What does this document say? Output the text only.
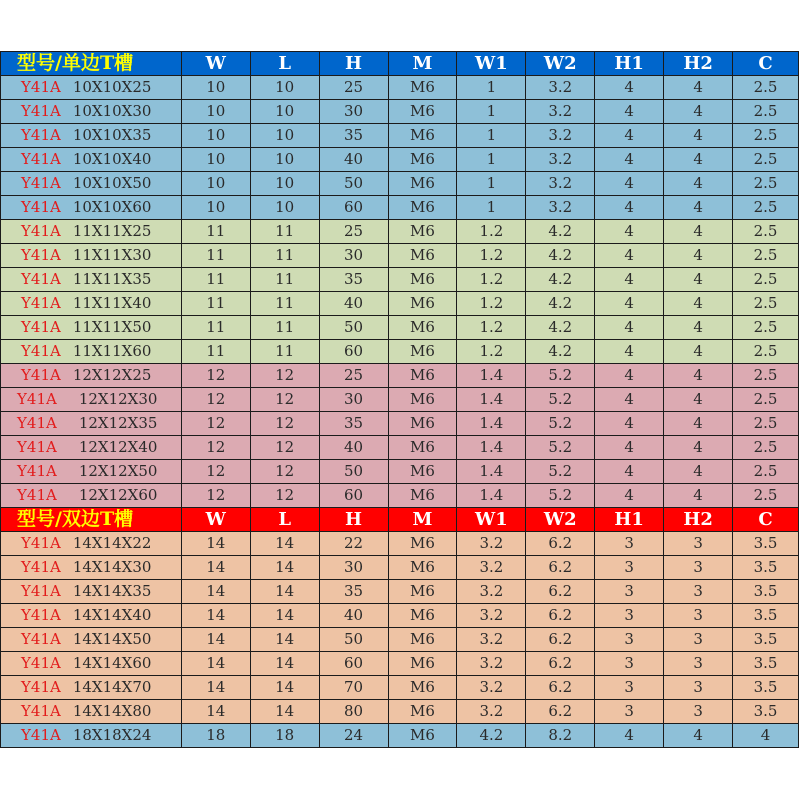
型号/单边T槽	W	L	H	M	W1	W2	H1	H2	C
Y41A 10X10X25	10	10	25	M6	1	3.2	4	4	2.5
Y41A 10X10X30	10	10	30	M6	1	3.2	4	4	2.5
Y41A 10X10X35	10	10	35	M6	1	3.2	4	4	2.5
Y41A 10X10X40	10	10	40	M6	1	3.2	4	4	2.5
Y41A 10X10X50	10	10	50	M6	1	3.2	4	4	2.5
Y41A 10X10X60	10	10	60	M6	1	3.2	4	4	2.5
Y41A 11X11X25	11	11	25	M6	1.2	4.2	4	4	2.5
Y41A 11X11X30	11	11	30	M6	1.2	4.2	4	4	2.5
Y41A 11X11X35	11	11	35	M6	1.2	4.2	4	4	2.5
Y41A 11X11X40	11	11	40	M6	1.2	4.2	4	4	2.5
Y41A 11X11X50	11	11	50	M6	1.2	4.2	4	4	2.5
Y41A 11X11X60	11	11	60	M6	1.2	4.2	4	4	2.5
Y41A 12X12X25	12	12	25	M6	1.4	5.2	4	4	2.5
Y41A 12X12X30	12	12	30	M6	1.4	5.2	4	4	2.5
Y41A 12X12X35	12	12	35	M6	1.4	5.2	4	4	2.5
Y41A 12X12X40	12	12	40	M6	1.4	5.2	4	4	2.5
Y41A 12X12X50	12	12	50	M6	1.4	5.2	4	4	2.5
Y41A 12X12X60	12	12	60	M6	1.4	5.2	4	4	2.5
型号/双边T槽	W	L	H	M	W1	W2	H1	H2	C
Y41A 14X14X22	14	14	22	M6	3.2	6.2	3	3	3.5
Y41A 14X14X30	14	14	30	M6	3.2	6.2	3	3	3.5
Y41A 14X14X35	14	14	35	M6	3.2	6.2	3	3	3.5
Y41A 14X14X40	14	14	40	M6	3.2	6.2	3	3	3.5
Y41A 14X14X50	14	14	50	M6	3.2	6.2	3	3	3.5
Y41A 14X14X60	14	14	60	M6	3.2	6.2	3	3	3.5
Y41A 14X14X70	14	14	70	M6	3.2	6.2	3	3	3.5
Y41A 14X14X80	14	14	80	M6	3.2	6.2	3	3	3.5
Y41A 18X18X24	18	18	24	M6	4.2	8.2	4	4	4
